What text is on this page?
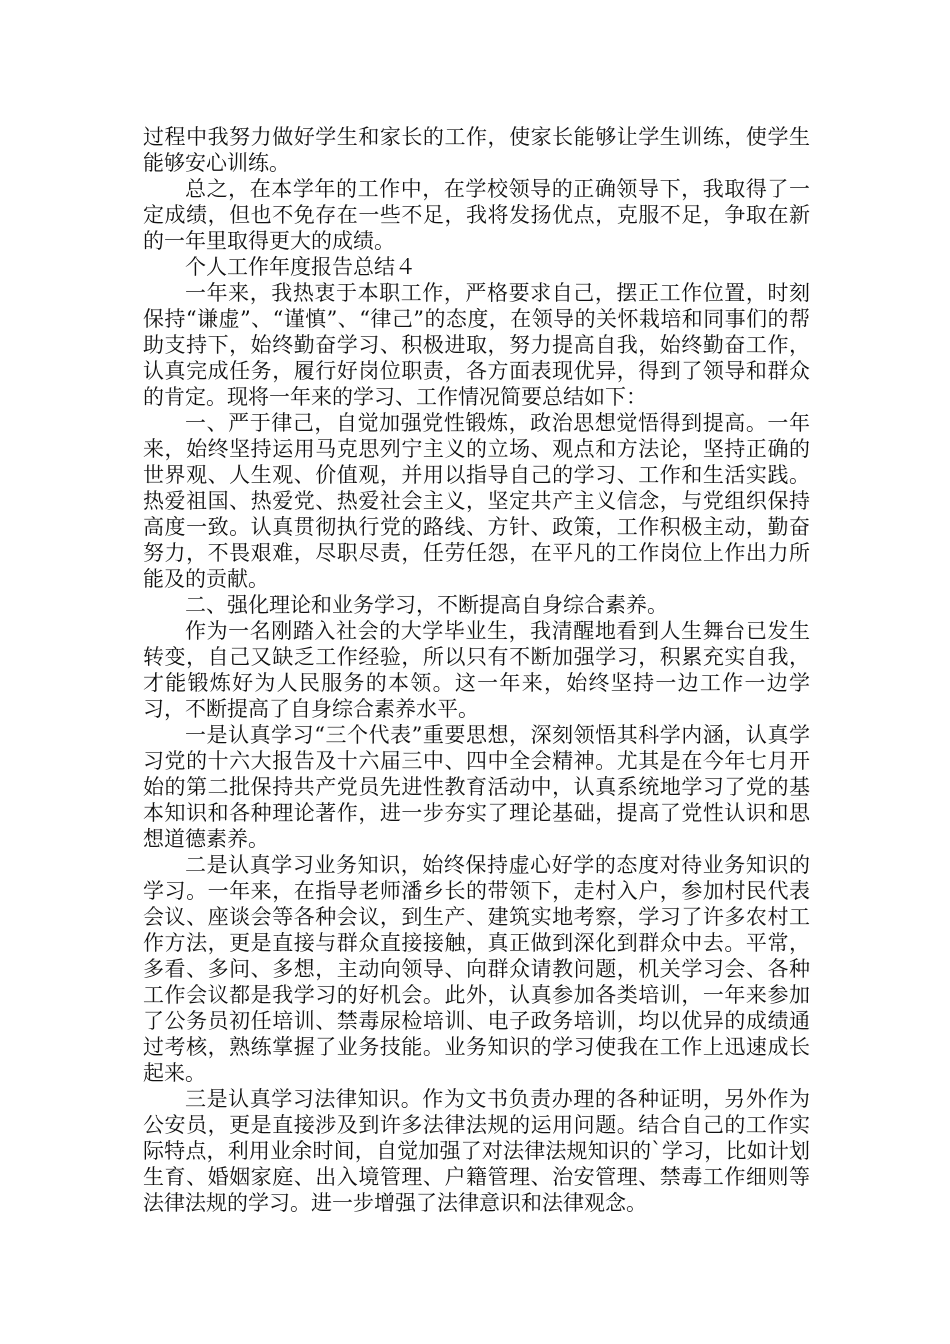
过程中我努力做好学生和家长的工作，使家长能够让学生训练，使学生能够安心训练。

总之，在本学年的工作中，在学校领导的正确领导下，我取得了一定成绩，但也不免存在一些不足，我将发扬优点，克服不足，争取在新的一年里取得更大的成绩。

个人工作年度报告总结４

一年来，我热衷于本职工作，严格要求自己，摆正工作位置，时刻保持“谦虚”、“谨慎”、“律己”的态度，在领导的关怀栽培和同事们的帮助支持下，始终勤奋学习、积极进取，努力提高自我，始终勤奋工作，认真完成任务，履行好岗位职责，各方面表现优异，得到了领导和群众的肯定。现将一年来的学习、工作情况简要总结如下：

一、严于律己，自觉加强党性锻炼，政治思想觉悟得到提高。一年来，始终坚持运用马克思列宁主义的立场、观点和方法论，坚持正确的世界观、人生观、价值观，并用以指导自己的学习、工作和生活实践。热爱祖国、热爱党、热爱社会主义，坚定共产主义信念，与党组织保持高度一致。认真贯彻执行党的路线、方针、政策，工作积极主动，勤奋努力，不畏艰难，尽职尽责，任劳任怨，在平凡的工作岗位上作出力所能及的贡献。

二、强化理论和业务学习，不断提高自身综合素养。

作为一名刚踏入社会的大学毕业生，我清醒地看到人生舞台已发生转变，自己又缺乏工作经验，所以只有不断加强学习，积累充实自我，才能锻炼好为人民服务的本领。这一年来，始终坚持一边工作一边学习，不断提高了自身综合素养水平。

一是认真学习“三个代表”重要思想，深刻领悟其科学内涵，认真学习党的十六大报告及十六届三中、四中全会精神。尤其是在今年七月开始的第二批保持共产党员先进性教育活动中，认真系统地学习了党的基本知识和各种理论著作，进一步夯实了理论基础，提高了党性认识和思想道德素养。

二是认真学习业务知识，始终保持虚心好学的态度对待业务知识的学习。一年来，在指导老师潘乡长的带领下，走村入户，参加村民代表会议、座谈会等各种会议，到生产、建筑实地考察，学习了许多农村工作方法，更是直接与群众直接接触，真正做到深化到群众中去。平常，多看、多问、多想，主动向领导、向群众请教问题，机关学习会、各种工作会议都是我学习的好机会。此外，认真参加各类培训，一年来参加了公务员初任培训、禁毒尿检培训、电子政务培训，均以优异的成绩通过考核，熟练掌握了业务技能。业务知识的学习使我在工作上迅速成长起来。

三是认真学习法律知识。作为文书负责办理的各种证明，另外作为公安员，更是直接涉及到许多法律法规的运用问题。结合自己的工作实际特点，利用业余时间，自觉加强了对法律法规知识的`学习，比如计划生育、婚姻家庭、出入境管理、户籍管理、治安管理、禁毒工作细则等法律法规的学习。进一步增强了法律意识和法律观念。
